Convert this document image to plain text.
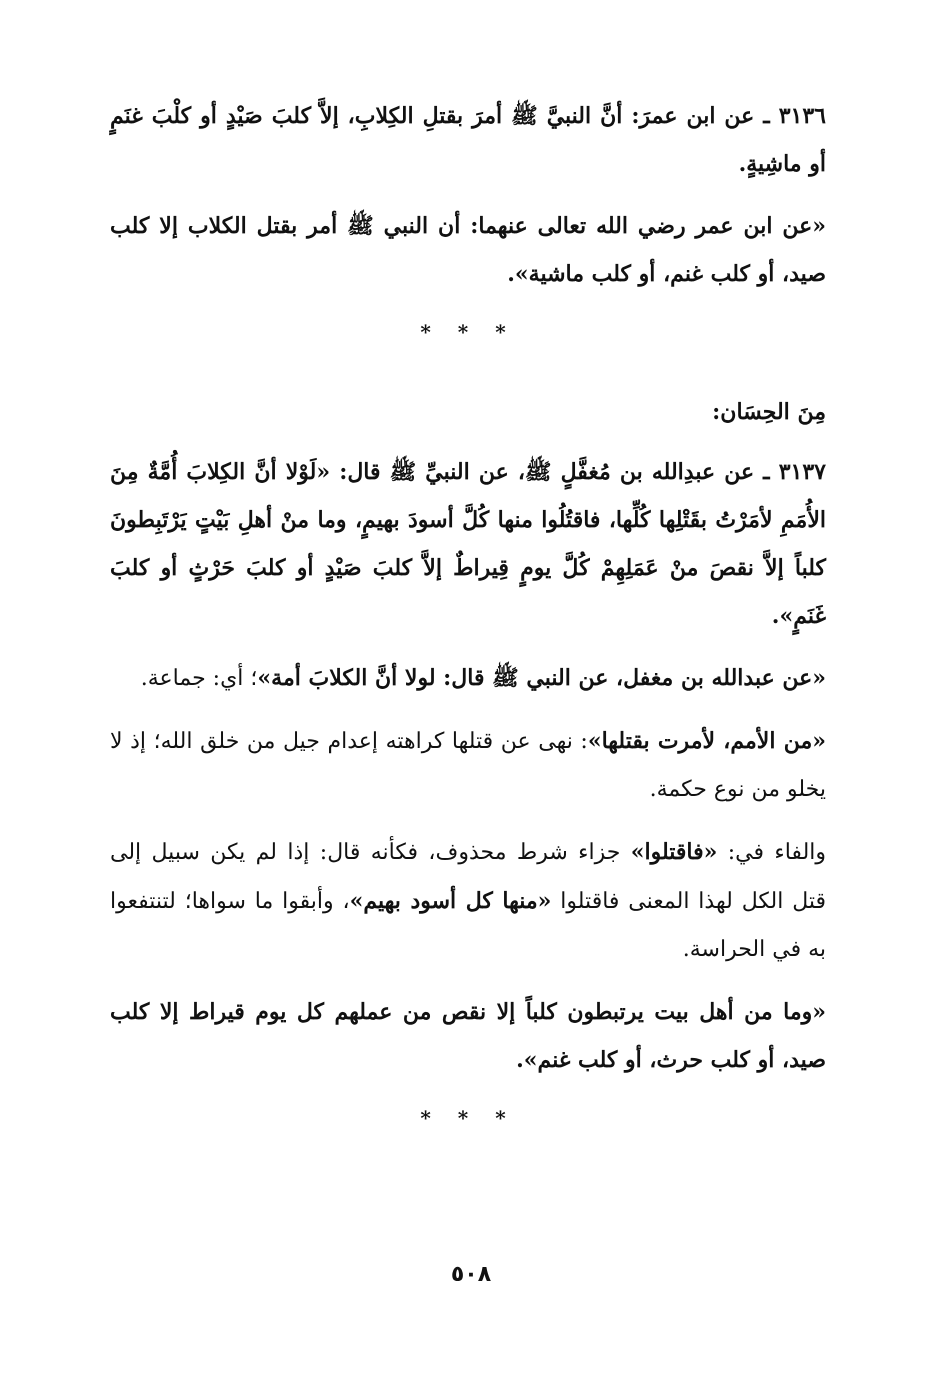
٣١٣٦ ـ عن ابن عمرَ: أنَّ النبيَّ ﷺ أمرَ بقتلِ الكِلابِ، إلاَّ كلبَ صَيْدٍ أو كلْبَ غنَمٍ أو ماشِيةٍ.

«عن ابن عمر رضي الله تعالى عنهما: أن النبي ﷺ أمر بقتل الكلاب إلا كلب صيد، أو كلب غنم، أو كلب ماشية».

* * *
مِنَ الحِسَان:

٣١٣٧ ـ عن عبدِالله بن مُغفَّلٍ ﷺ، عن النبيِّ ﷺ قال: «لَوْلا أنَّ الكِلابَ أُمَّةٌ مِنَ الأُمَمِ لأمَرْتُ بقَتْلِها كُلِّها، فاقتُلُوا منها كُلَّ أسودَ بهيمٍ، وما منْ أهلِ بَيْتٍ يَرْتَبِطونَ كلباً إلاَّ نقصَ منْ عَمَلِهِمْ كُلَّ يومٍ قِيراطٌ إلاَّ كلبَ صَيْدٍ أو كلبَ حَرْثٍ أو كلبَ غَنَمٍ».

«عن عبدالله بن مغفل، عن النبي ﷺ قال: لولا أنَّ الكلابَ أمة»؛ أي: جماعة.

«من الأمم، لأمرت بقتلها»: نهى عن قتلها كراهته إعدام جيل من خلق الله؛ إذ لا يخلو من نوع حكمة.

والفاء في: «فاقتلوا» جزاء شرط محذوف، فكأنه قال: إذا لم يكن سبيل إلى قتل الكل لهذا المعنى فاقتلوا «منها كل أسود بهيم»، وأبقوا ما سواها؛ لتنتفعوا به في الحراسة.

«وما من أهل بيت يرتبطون كلباً إلا نقص من عملهم كل يوم قيراط إلا كلب صيد، أو كلب حرث، أو كلب غنم».

* * *
٥٠٨
